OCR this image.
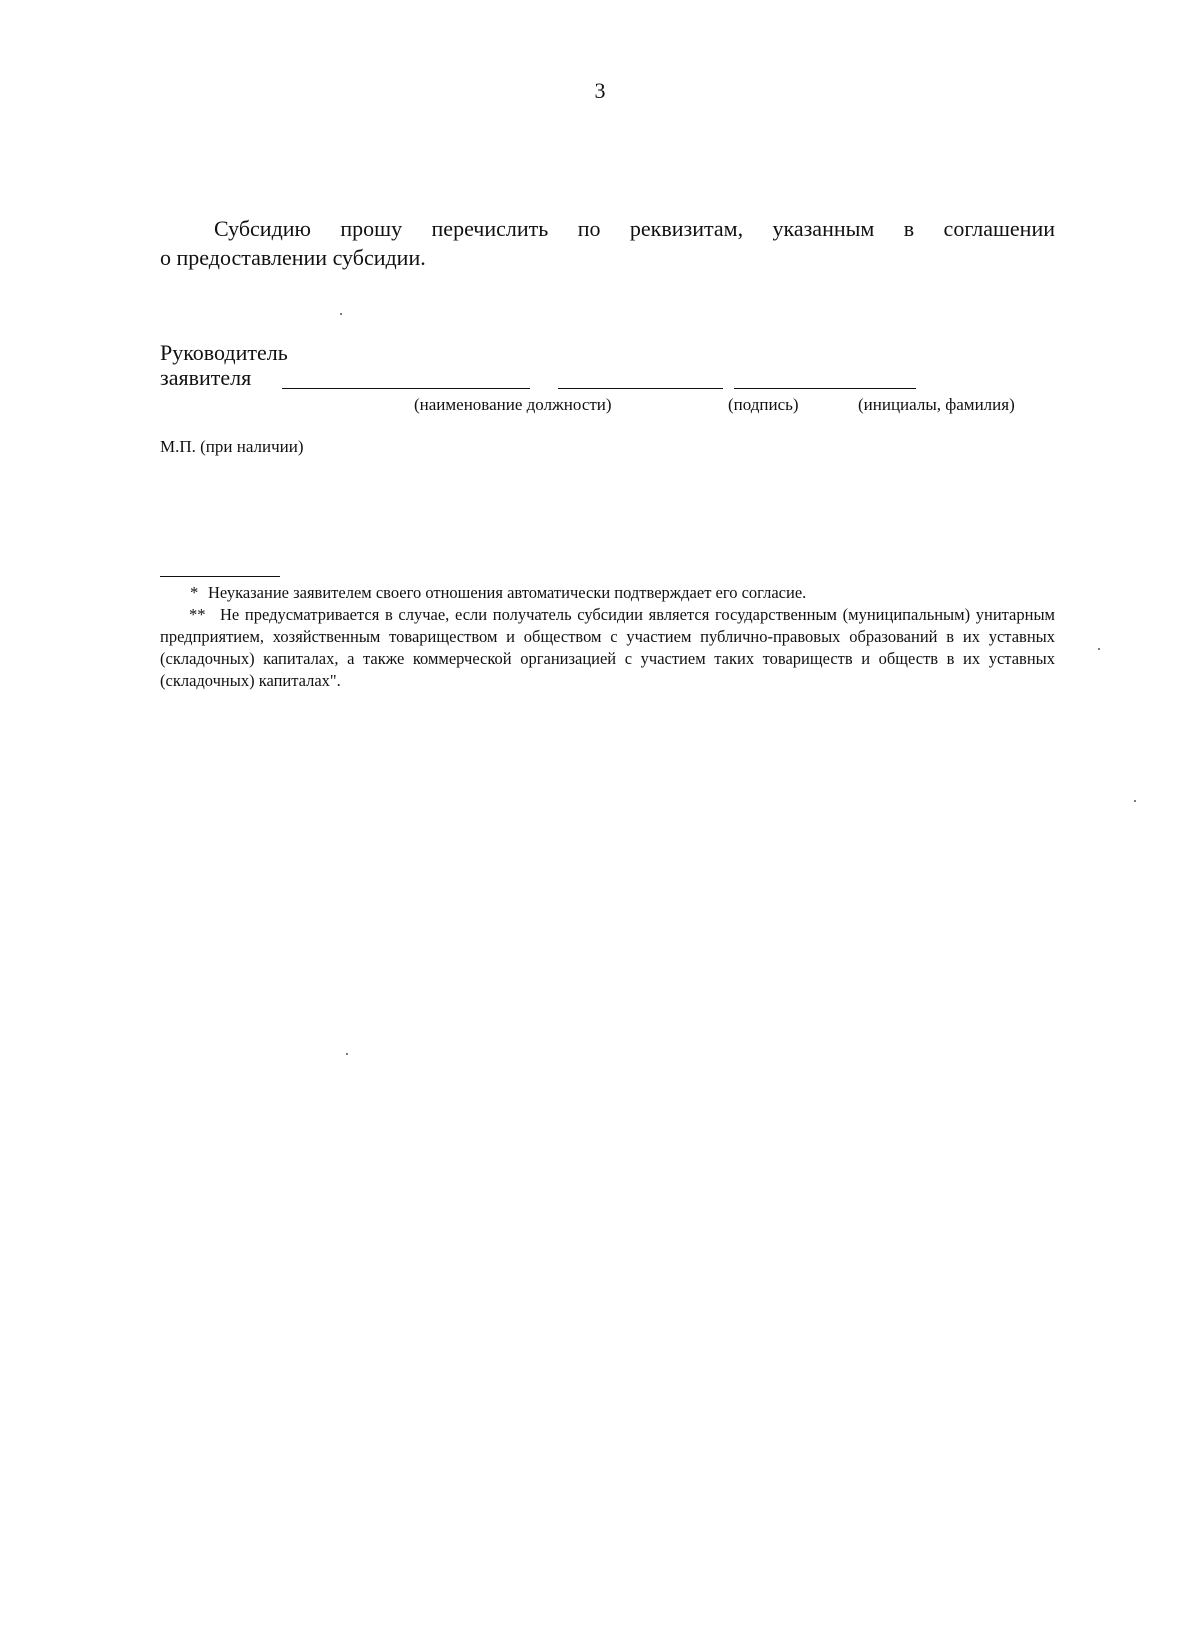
3
Субсидию прошу перечислить по реквизитам, указанным в соглашении
о предоставлении субсидии.
Руководитель
заявителя
(наименование должности)	(подпись)	(инициалы, фамилия)
М.П. (при наличии)

* Неуказание заявителем своего отношения автоматически подтверждает его согласие.

** Не предусматривается в случае, если получатель субсидии является государственным (муниципальным) унитарным предприятием, хозяйственным товариществом и обществом с участием публично-правовых образований в их уставных (складочных) капиталах, а также коммерческой организацией с участием таких товариществ и обществ в их уставных (складочных) капиталах".
